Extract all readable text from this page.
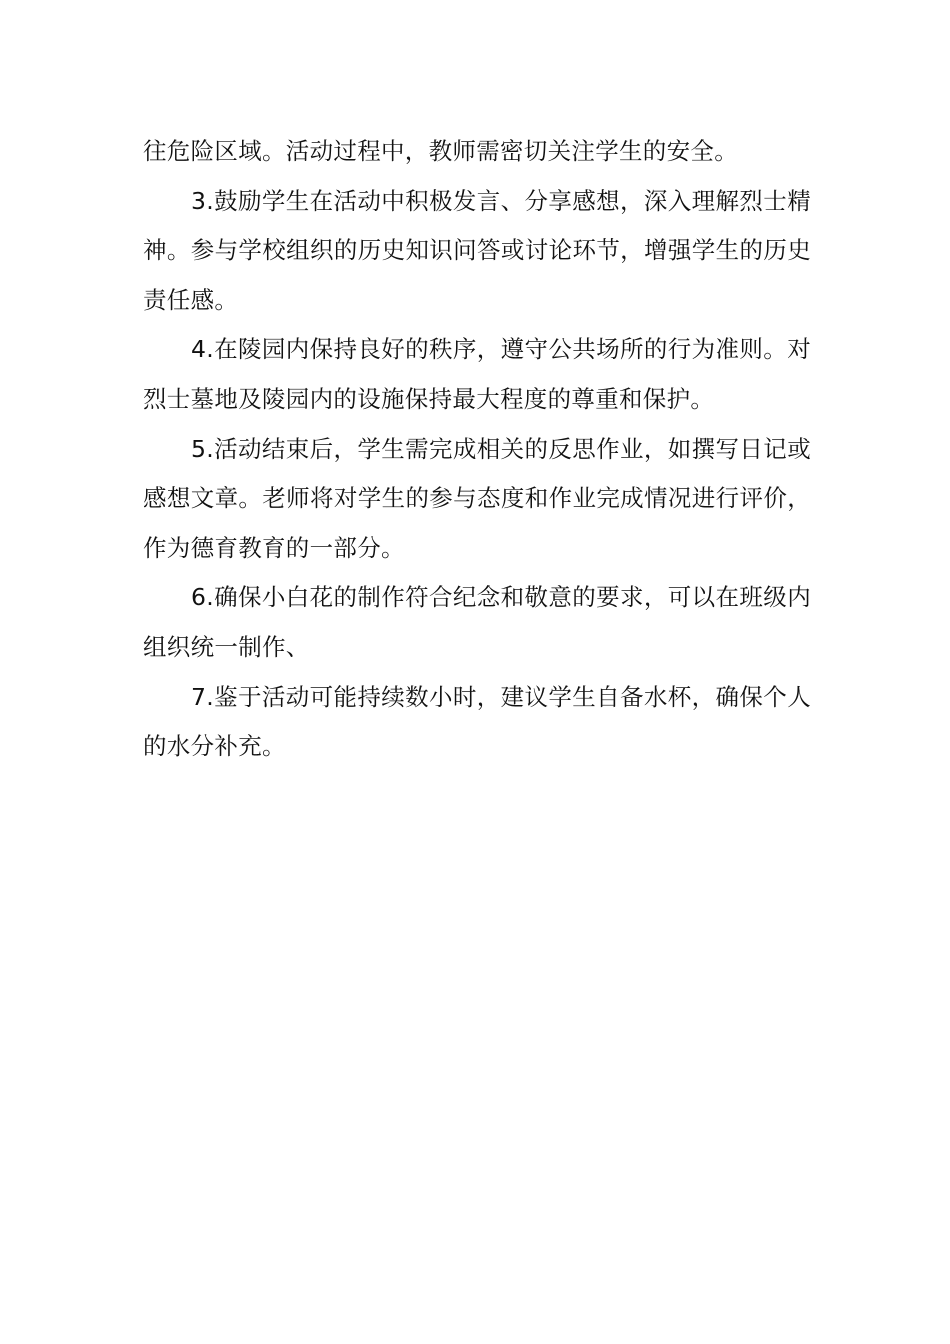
往危险区域。活动过程中，教师需密切关注学生的安全。

3.鼓励学生在活动中积极发言、分享感想，深入理解烈士精神。参与学校组织的历史知识问答或讨论环节，增强学生的历史责任感。

4.在陵园内保持良好的秩序，遵守公共场所的行为准则。对烈士墓地及陵园内的设施保持最大程度的尊重和保护。

5.活动结束后，学生需完成相关的反思作业，如撰写日记或感想文章。老师将对学生的参与态度和作业完成情况进行评价，作为德育教育的一部分。

6.确保小白花的制作符合纪念和敬意的要求，可以在班级内组织统一制作、

7.鉴于活动可能持续数小时，建议学生自备水杯，确保个人的水分补充。
